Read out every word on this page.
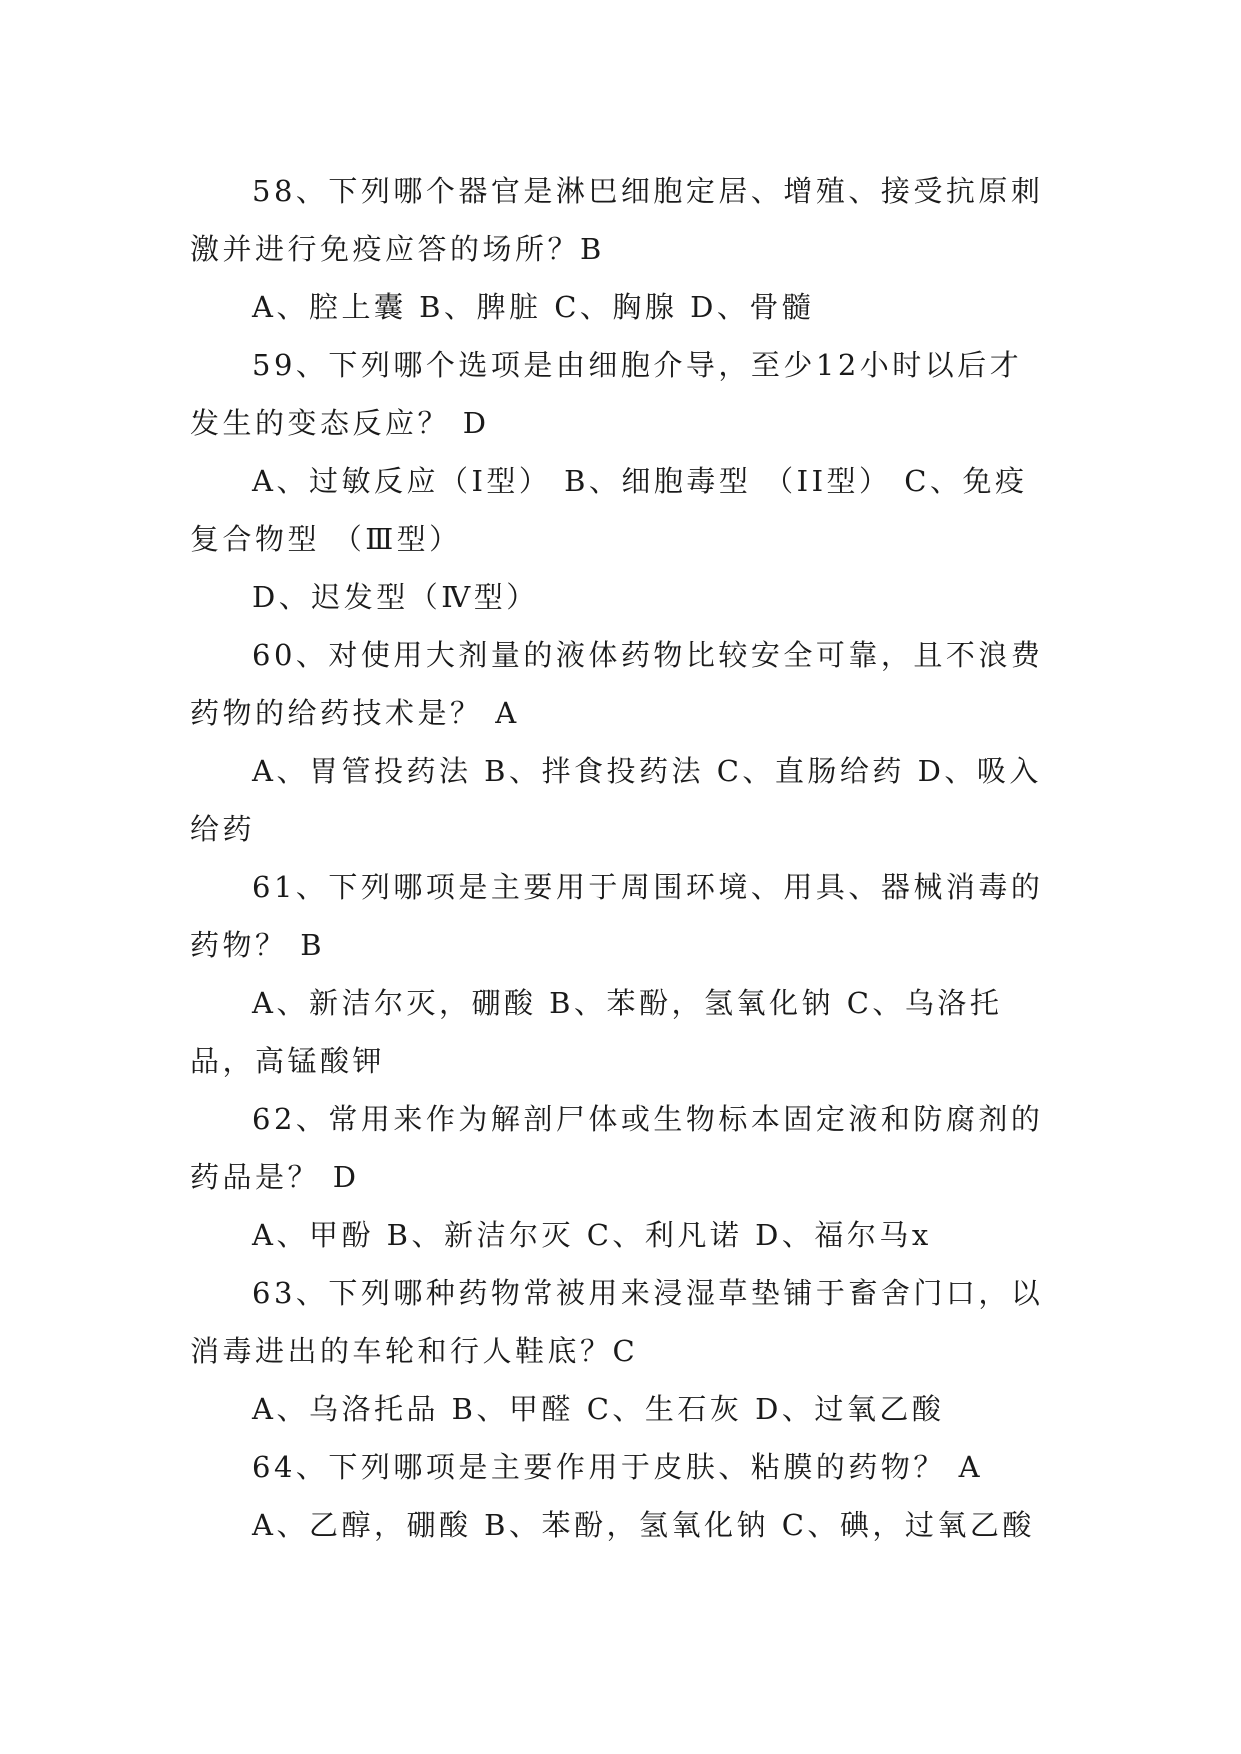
58、下列哪个器官是淋巴细胞定居、增殖、接受抗原刺激并进行免疫应答的场所？B

A、腔上囊 B、脾脏 C、胸腺 D、骨髓

59、下列哪个选项是由细胞介导，至少12小时以后才发生的变态反应？ D

A、过敏反应（I型） B、细胞毒型 （II型） C、免疫复合物型 （Ⅲ型）

D、迟发型（Ⅳ型）

60、对使用大剂量的液体药物比较安全可靠，且不浪费药物的给药技术是？ A

A、胃管投药法 B、拌食投药法 C、直肠给药 D、吸入给药

61、下列哪项是主要用于周围环境、用具、器械消毒的药物？ B

A、新洁尔灭，硼酸 B、苯酚，氢氧化钠 C、乌洛托品，高锰酸钾

62、常用来作为解剖尸体或生物标本固定液和防腐剂的药品是？ D

A、甲酚 B、新洁尔灭 C、利凡诺 D、福尔马x

63、下列哪种药物常被用来浸湿草垫铺于畜舍门口，以消毒进出的车轮和行人鞋底？C

A、乌洛托品 B、甲醛 C、生石灰 D、过氧乙酸

64、下列哪项是主要作用于皮肤、粘膜的药物？ A

A、乙醇，硼酸 B、苯酚，氢氧化钠 C、碘，过氧乙酸
